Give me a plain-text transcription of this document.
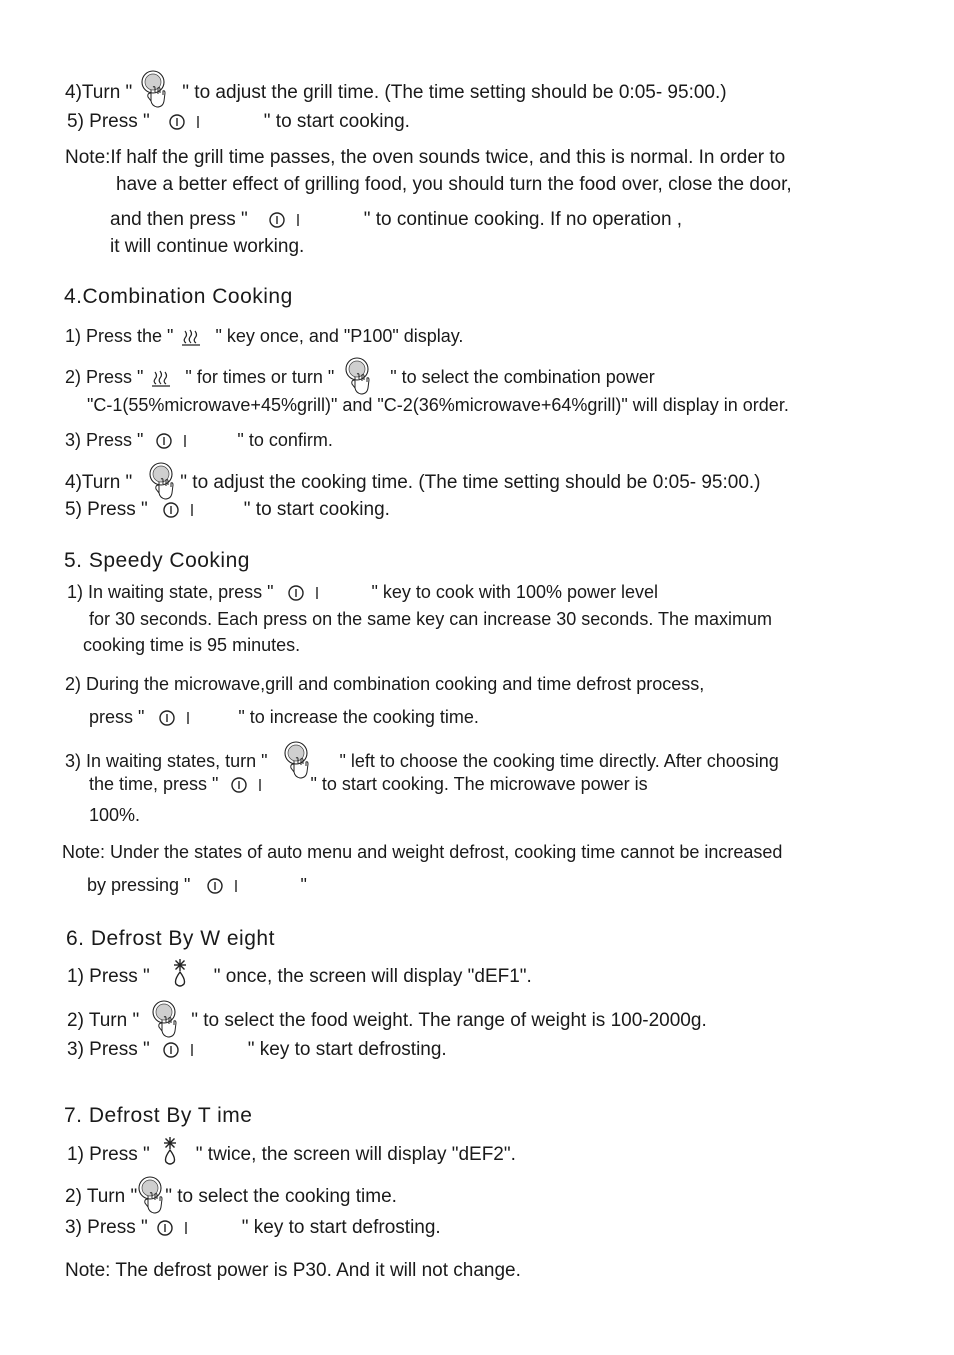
4)Turn "	" to adjust the grill time. (The time setting should be 0:05- 95:00.)
5) Press "	" to start cooking.
Note:If half the grill time passes, the oven sounds twice, and this is normal. In order to
have a better effect of grilling food, you should turn the food over, close the door,
and then press "	" to continue cooking. If no operation ,
it will continue working.
4.Combination Cooking
1) Press the " " key once, and "P100" display.
2) Press " " for times or turn "	" to select the combination power
"C-1(55%microwave+45%grill)" and "C-2(36%microwave+64%grill)" will display in order.
3) Press "	" to confirm.
4)Turn "	" to adjust the cooking time. (The time setting should be 0:05- 95:00.)
5) Press "	" to start cooking.
5. Speedy Cooking
1) In waiting state, press "	" key to cook with 100% power level
for 30 seconds. Each press on the same key can increase 30 seconds. The maximum
cooking time is 95 minutes.
2) During the microwave,grill and combination cooking and time defrost process,
press "	" to increase the cooking time.
3) In waiting states, turn "	" left to choose the cooking time directly. After choosing
the time, press "	" to start cooking. The microwave power is
100%.
Note: Under the states of auto menu and weight defrost, cooking time cannot be increased
by pressing "	"
6. Defrost By W eight
1) Press "	" once, the screen will display "dEF1".
2) Turn "	" to select the food weight. The range of weight is 100-2000g.
3) Press "	" key to start defrosting.
7. Defrost By T ime
1) Press " " twice, the screen will display "dEF2".
2) Turn " " to select the cooking time.
3) Press "	" key to start defrosting.
Note: The defrost power is P30. And it will not change.
